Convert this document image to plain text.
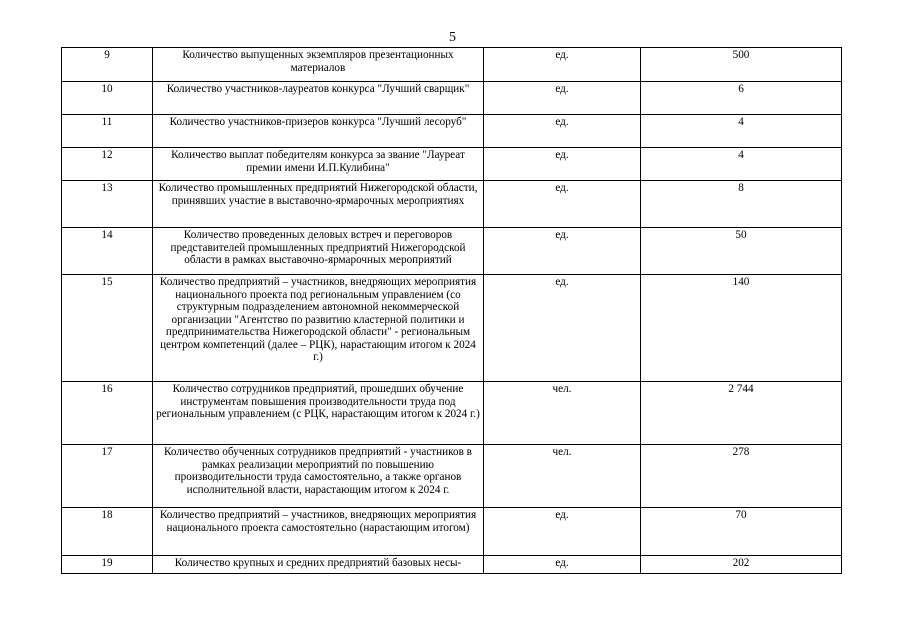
5
9	Количество выпущенных экземпляров презентационных материалов	ед.	500
10	Количество участников-лауреатов конкурса "Лучший сварщик"	ед.	6
11	Количество участников-призеров конкурса "Лучший лесоруб"	ед.	4
12	Количество выплат победителям конкурса за звание "Лауреат премии имени И.П.Кулибина"	ед.	4
13	Количество промышленных предприятий Нижегородской области, принявших участие в выставочно-ярмарочных мероприятиях	ед.	8
14	Количество проведенных деловых встреч и переговоров представителей промышленных предприятий Нижегородской области в рамках выставочно-ярмарочных мероприятий	ед.	50
15	Количество предприятий – участников, внедряющих мероприятия национального проекта под региональным управлением (со структурным подразделением автономной некоммерческой организации "Агентство по развитию кластерной политики и предпринимательства Нижегородской области" - региональным центром компетенций (далее – РЦК), нарастающим итогом к 2024 г.)	ед.	140
16	Количество сотрудников предприятий, прошедших обучение инструментам повышения производительности труда под региональным управлением (с РЦК, нарастающим итогом к 2024 г.)	чел.	2 744
17	Количество обученных сотрудников предприятий - участников в рамках реализации мероприятий по повышению производительности труда самостоятельно, а также органов исполнительной власти, нарастающим итогом к 2024 г.	чел.	278
18	Количество предприятий – участников, внедряющих мероприятия национального проекта самостоятельно (нарастающим итогом)	ед.	70
19	Количество крупных и средних предприятий базовых несы-	ед.	202
